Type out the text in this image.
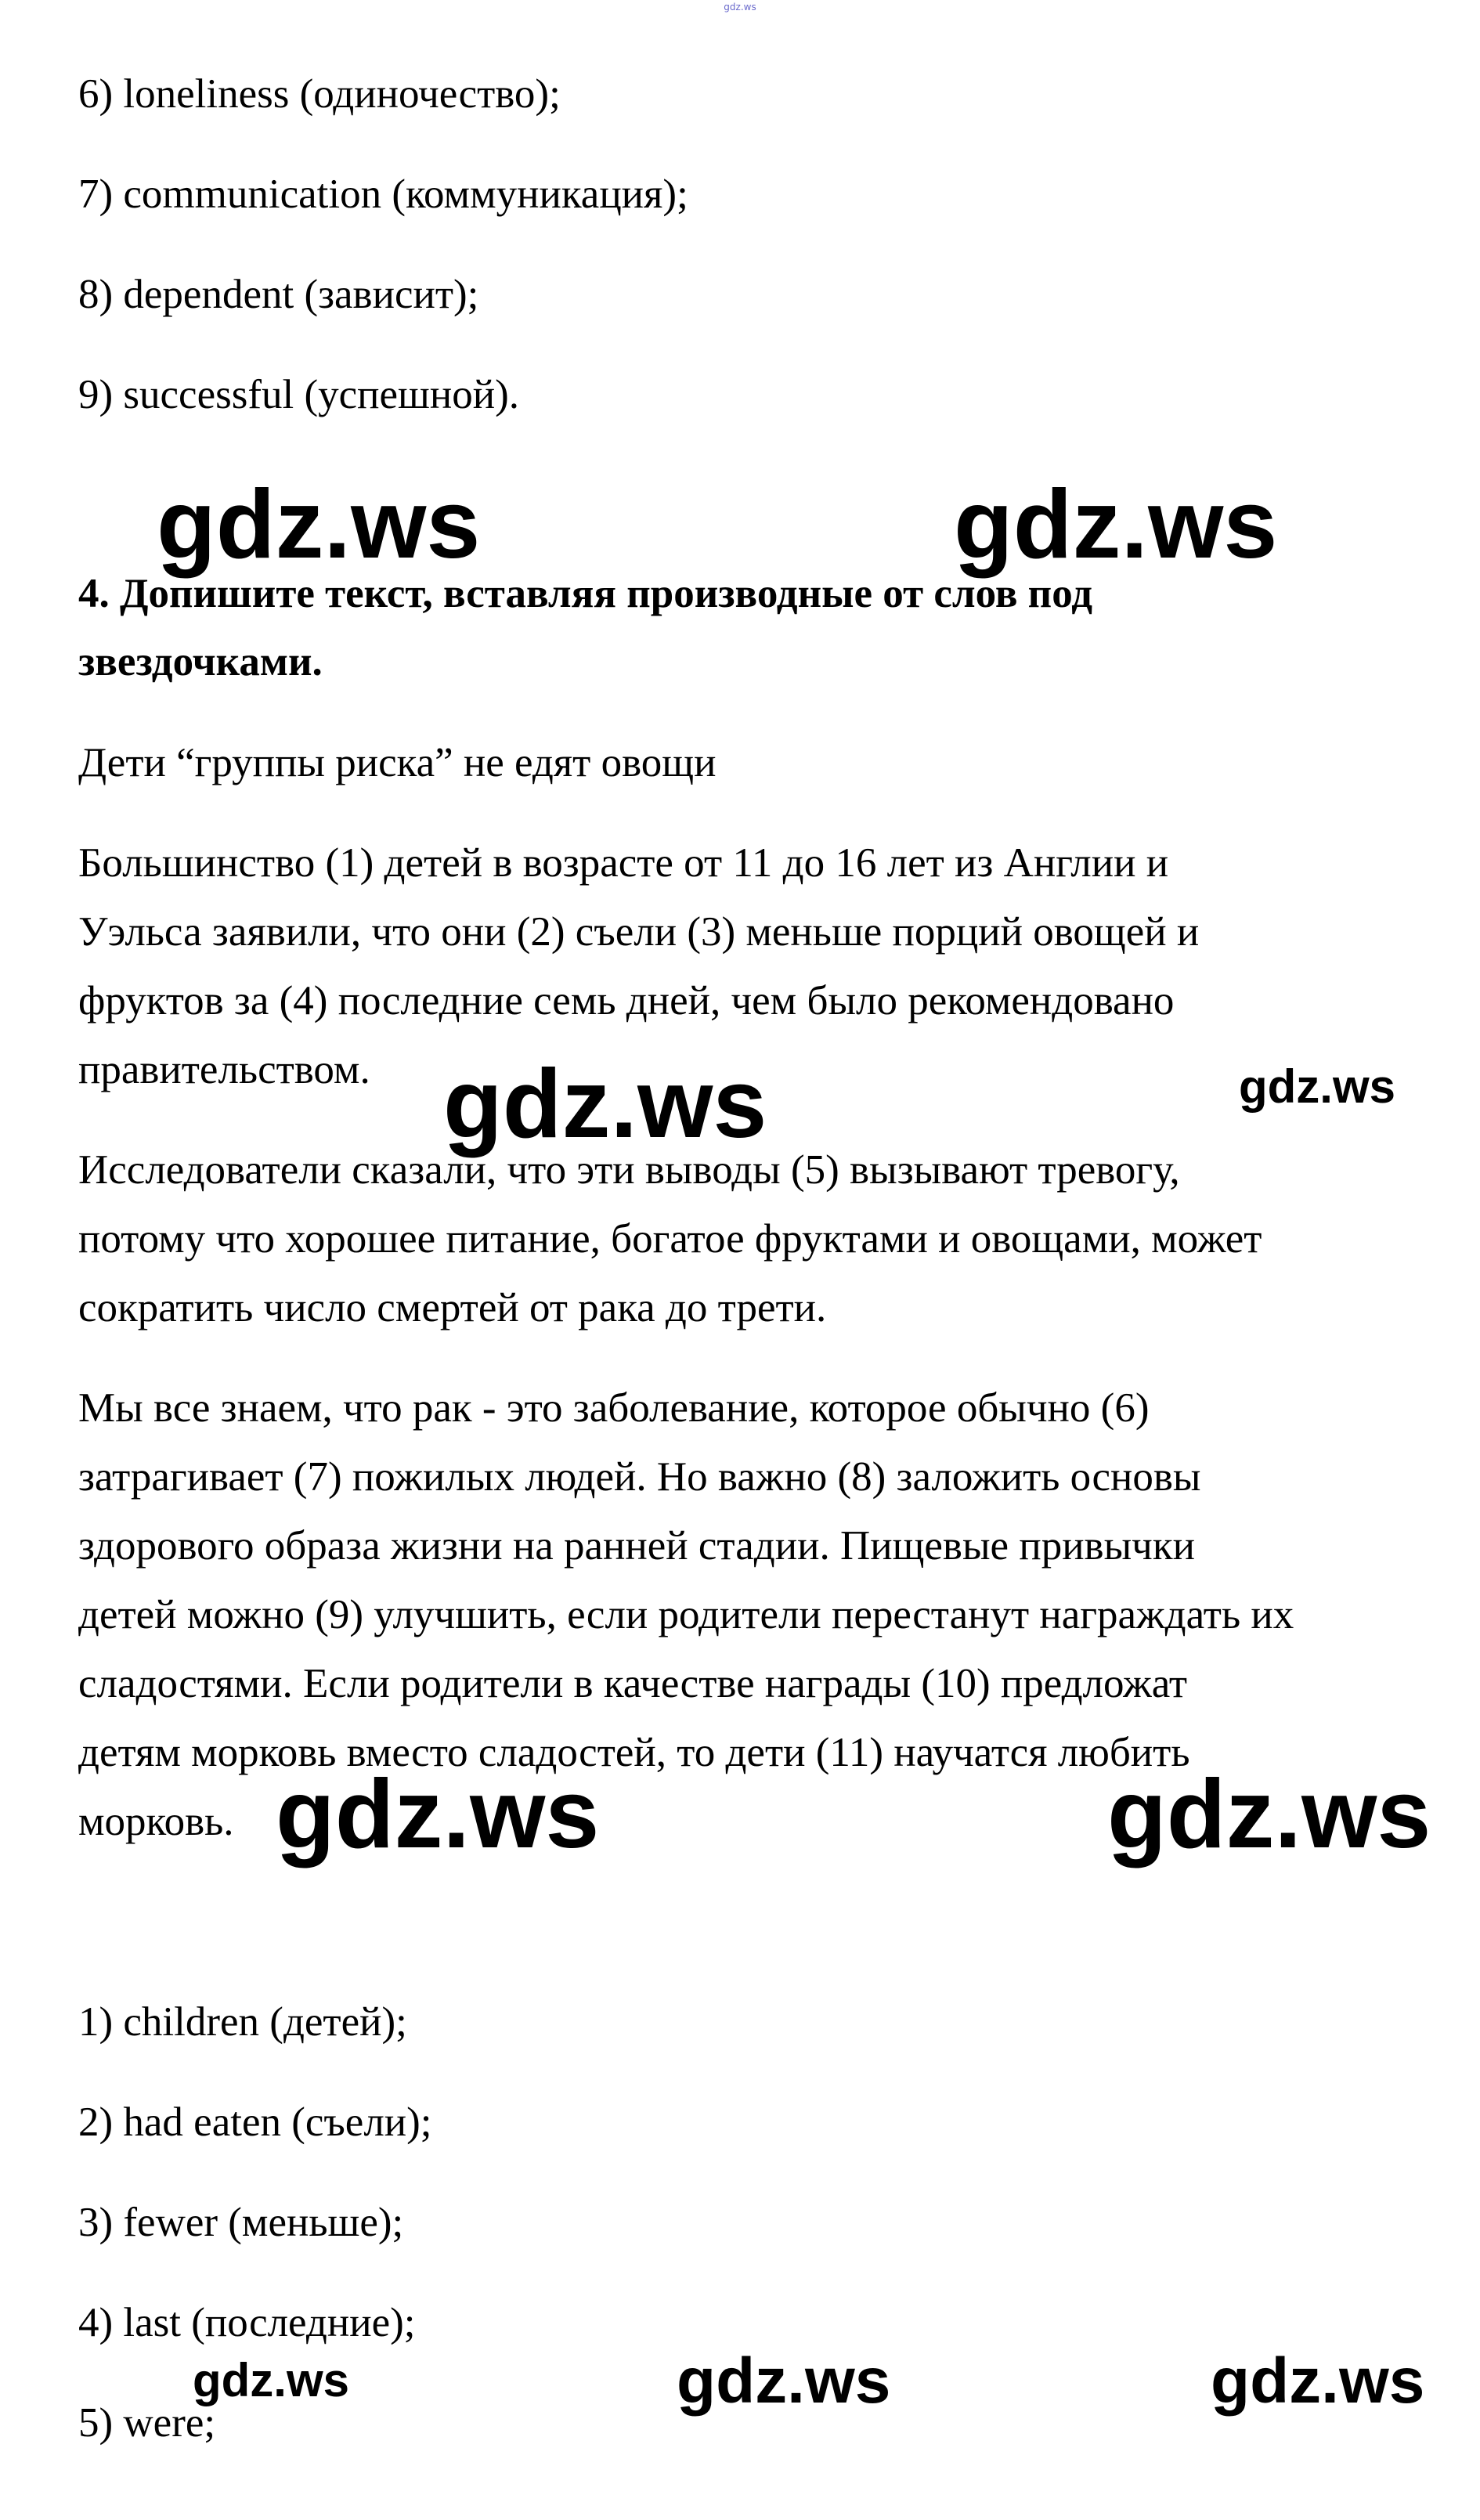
gdz.ws
6) loneliness (одиночество);
7) communication (коммуникация);
8) dependent (зависит);
9) successful (успешной).
4. Допишите текст, вставляя производные от слов под
звездочками.
Дети “группы риска” не едят овощи
Большинство (1) детей в возрасте от 11 до 16 лет из Англии и
Уэльса заявили, что они (2) съели (3) меньше порций овощей и
фруктов за (4) последние семь дней, чем было рекомендовано
правительством.
Исследователи сказали, что эти выводы (5) вызывают тревогу,
потому что хорошее питание, богатое фруктами и овощами, может
сократить число смертей от рака до трети.
Мы все знаем, что рак - это заболевание, которое обычно (6)
затрагивает (7) пожилых людей. Но важно (8) заложить основы
здорового образа жизни на ранней стадии. Пищевые привычки
детей можно (9) улучшить, если родители перестанут награждать их
сладостями. Если родители в качестве награды (10) предложат
детям морковь вместо сладостей, то дети (11) научатся любить
морковь.
1) children (детей);
2) had eaten (съели);
3) fewer (меньше);
4) last (последние);
5) were;
gdz.ws	gdz.ws
gdz.ws	gdz.ws
gdz.ws	gdz.ws
gdz.ws	gdz.ws	gdz.ws
